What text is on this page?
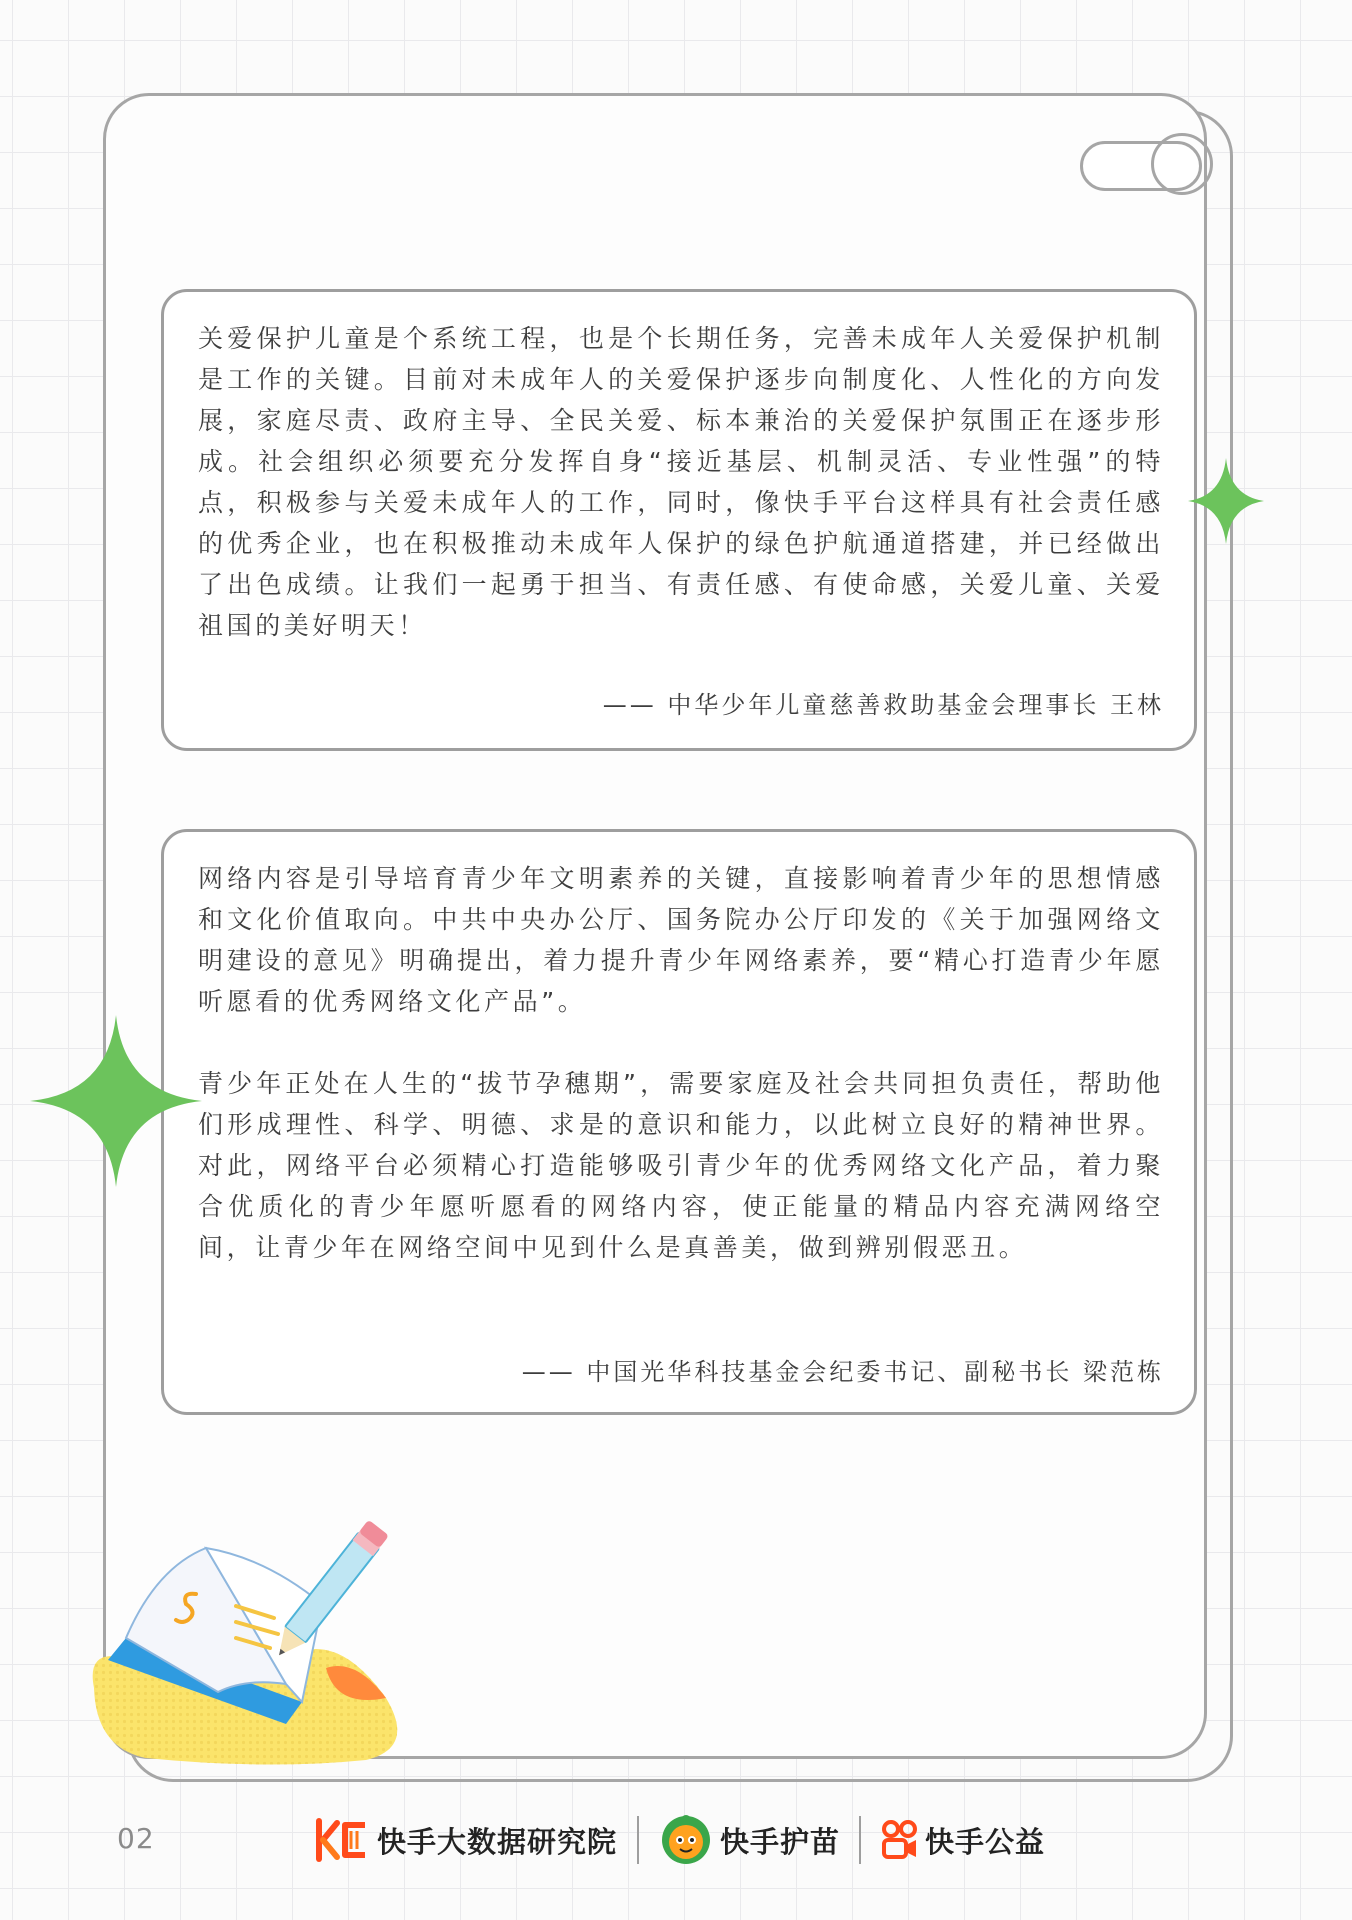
关爱保护儿童是个系统工程，也是个长期任务，完善未成年人关爱保护机制是工作的关键。目前对未成年人的关爱保护逐步向制度化、人性化的方向发展，家庭尽责、政府主导、全民关爱、标本兼治的关爱保护氛围正在逐步形成。社会组织必须要充分发挥自身“接近基层、机制灵活、专业性强”的特点，积极参与关爱未成年人的工作，同时，像快手平台这样具有社会责任感的优秀企业，也在积极推动未成年人保护的绿色护航通道搭建，并已经做出了出色成绩。让我们一起勇于担当、有责任感、有使命感，关爱儿童、关爱祖国的美好明天！

—— 中华少年儿童慈善救助基金会理事长 王林

网络内容是引导培育青少年文明素养的关键，直接影响着青少年的思想情感和文化价值取向。中共中央办公厅、国务院办公厅印发的《关于加强网络文明建设的意见》明确提出，着力提升青少年网络素养，要“精心打造青少年愿听愿看的优秀网络文化产品”。

青少年正处在人生的“拔节孕穗期”，需要家庭及社会共同担负责任，帮助他们形成理性、科学、明德、求是的意识和能力，以此树立良好的精神世界。对此，网络平台必须精心打造能够吸引青少年的优秀网络文化产品，着力聚合优质化的青少年愿听愿看的网络内容，使正能量的精品内容充满网络空间，让青少年在网络空间中见到什么是真善美，做到辨别假恶丑。

—— 中国光华科技基金会纪委书记、副秘书长 梁范栋
02	快手大数据研究院	快手护苗	快手公益
